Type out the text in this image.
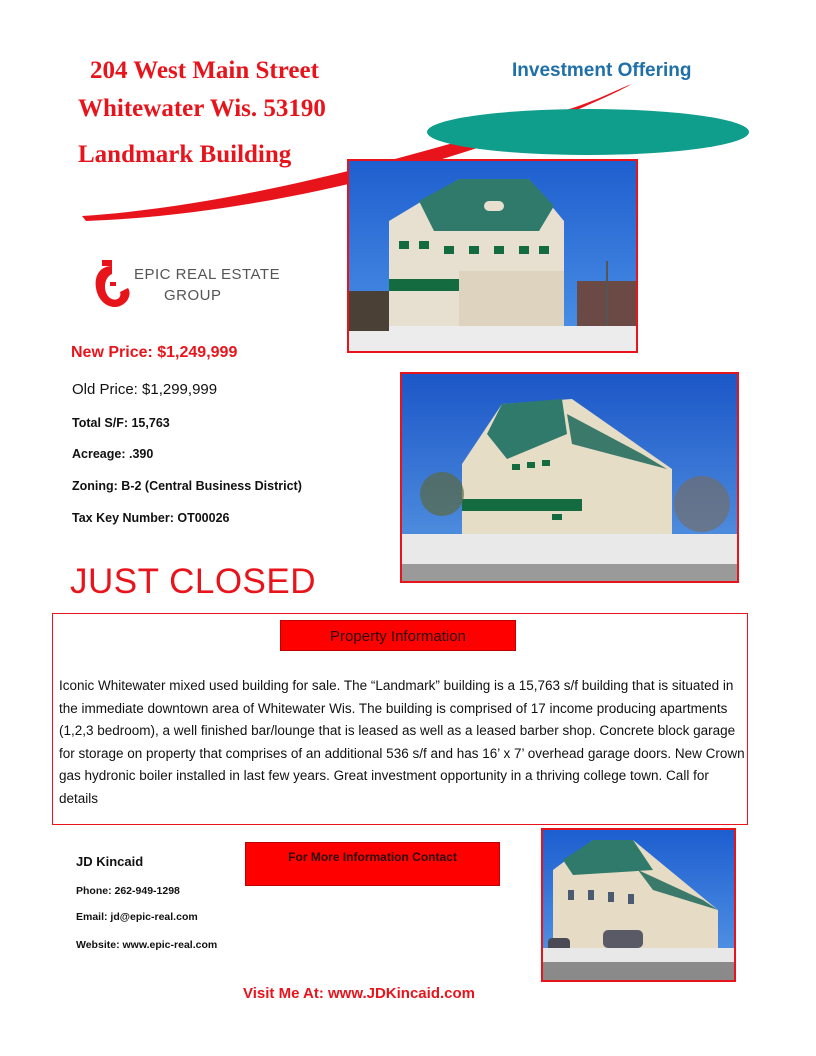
204 West Main Street
Whitewater Wis. 53190
Landmark Building
Investment Offering
EPIC REAL ESTATE
GROUP
New Price: $1,249,999
Old Price: $1,299,999
Total S/F: 15,763
Acreage: .390
Zoning: B-2 (Central Business District)
Tax Key Number: OT00026
JUST CLOSED
Property Information
Iconic Whitewater mixed used building for sale. The “Landmark” building is a 15,763 s/f building that is situated in the immediate downtown area of Whitewater Wis. The building is comprised of 17 income producing apartments (1,2,3 bedroom), a well finished bar/lounge that is leased as well as a leased barber shop. Concrete block garage for storage on property that comprises of an additional 536 s/f and has 16’ x 7’ overhead garage doors. New Crown gas hydronic boiler installed in last few years. Great investment opportunity in a thriving college town. Call for details
For More Information Contact
JD Kincaid
Phone: 262-949-1298
Email: jd@epic-real.com
Website: www.epic-real.com
Visit Me At: www.JDKincaid.com
